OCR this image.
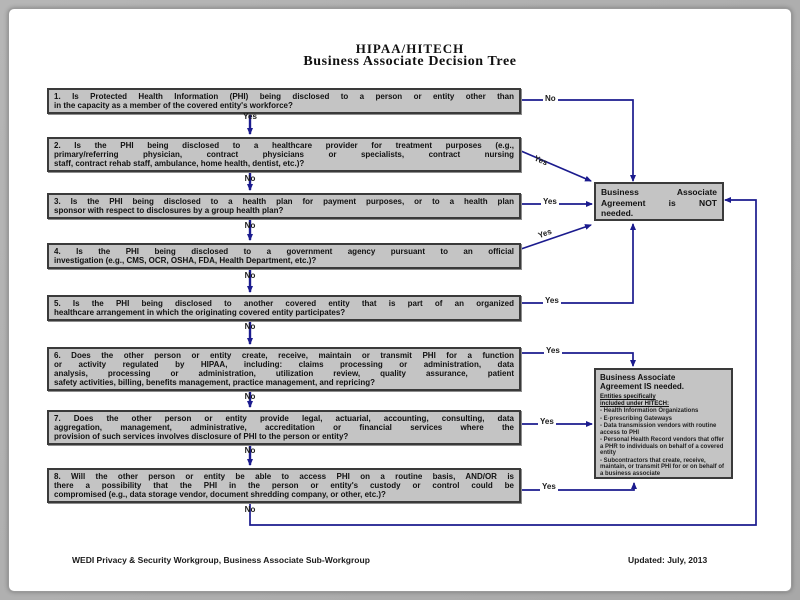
HIPAA/HITECH
Business Associate Decision Tree
1. Is Protected Health Information (PHI) being disclosed to a person or entity other than
in the capacity as a member of the covered entity's workforce?
2. Is the PHI being disclosed to a healthcare provider for treatment purposes (e.g.,
primary/referring physician, contract physicians or specialists, contract nursing
staff, contract rehab staff, ambulance, home health, dentist, etc.)?
3. Is the PHI being disclosed to a health plan for payment purposes, or to a health plan
sponsor with respect to disclosures by a group health plan?
4. Is the PHI being disclosed to a government agency pursuant to an official
investigation (e.g., CMS, OCR, OSHA, FDA, Health Department, etc.)?
5. Is the PHI being disclosed to another covered entity that is part of an organized
healthcare arrangement in which the originating covered entity participates?
6. Does the other person or entity create, receive, maintain or transmit PHI for a function
or activity regulated by HIPAA, including: claims processing or administration, data
analysis, processing or administration, utilization review, quality assurance, patient
safety activities, billing, benefits management, practice management, and repricing?
7. Does the other person or entity provide legal, actuarial, accounting, consulting, data
aggregation, management, administrative, accreditation or financial services where the
provision of such services involves disclosure of PHI to the person or entity?
8. Will the other person or entity be able to access PHI on a routine basis, AND/OR is
there a possibility that the PHI in the person or entity's custody or control could be
compromised (e.g., data storage vendor, document shredding company, or other, etc.)?
Business Associate
Agreement is NOT
needed.
Business Associate
Agreement IS needed.
Entities specifically
included under HITECH:
- Health Information Organizations
- E-prescribing Gateways
- Data transmission vendors with routine access to PHI
- Personal Health Record vendors that offer a PHR to individuals on behalf of a covered entity
- Subcontractors that create, receive, maintain, or transmit PHI for or on behalf of a business associate
Yes
No
No
No
No
No
No
No
No
Yes
Yes
Yes
Yes
Yes
Yes
Yes
WEDI Privacy & Security Workgroup, Business Associate Sub-Workgroup	Updated: July, 2013
